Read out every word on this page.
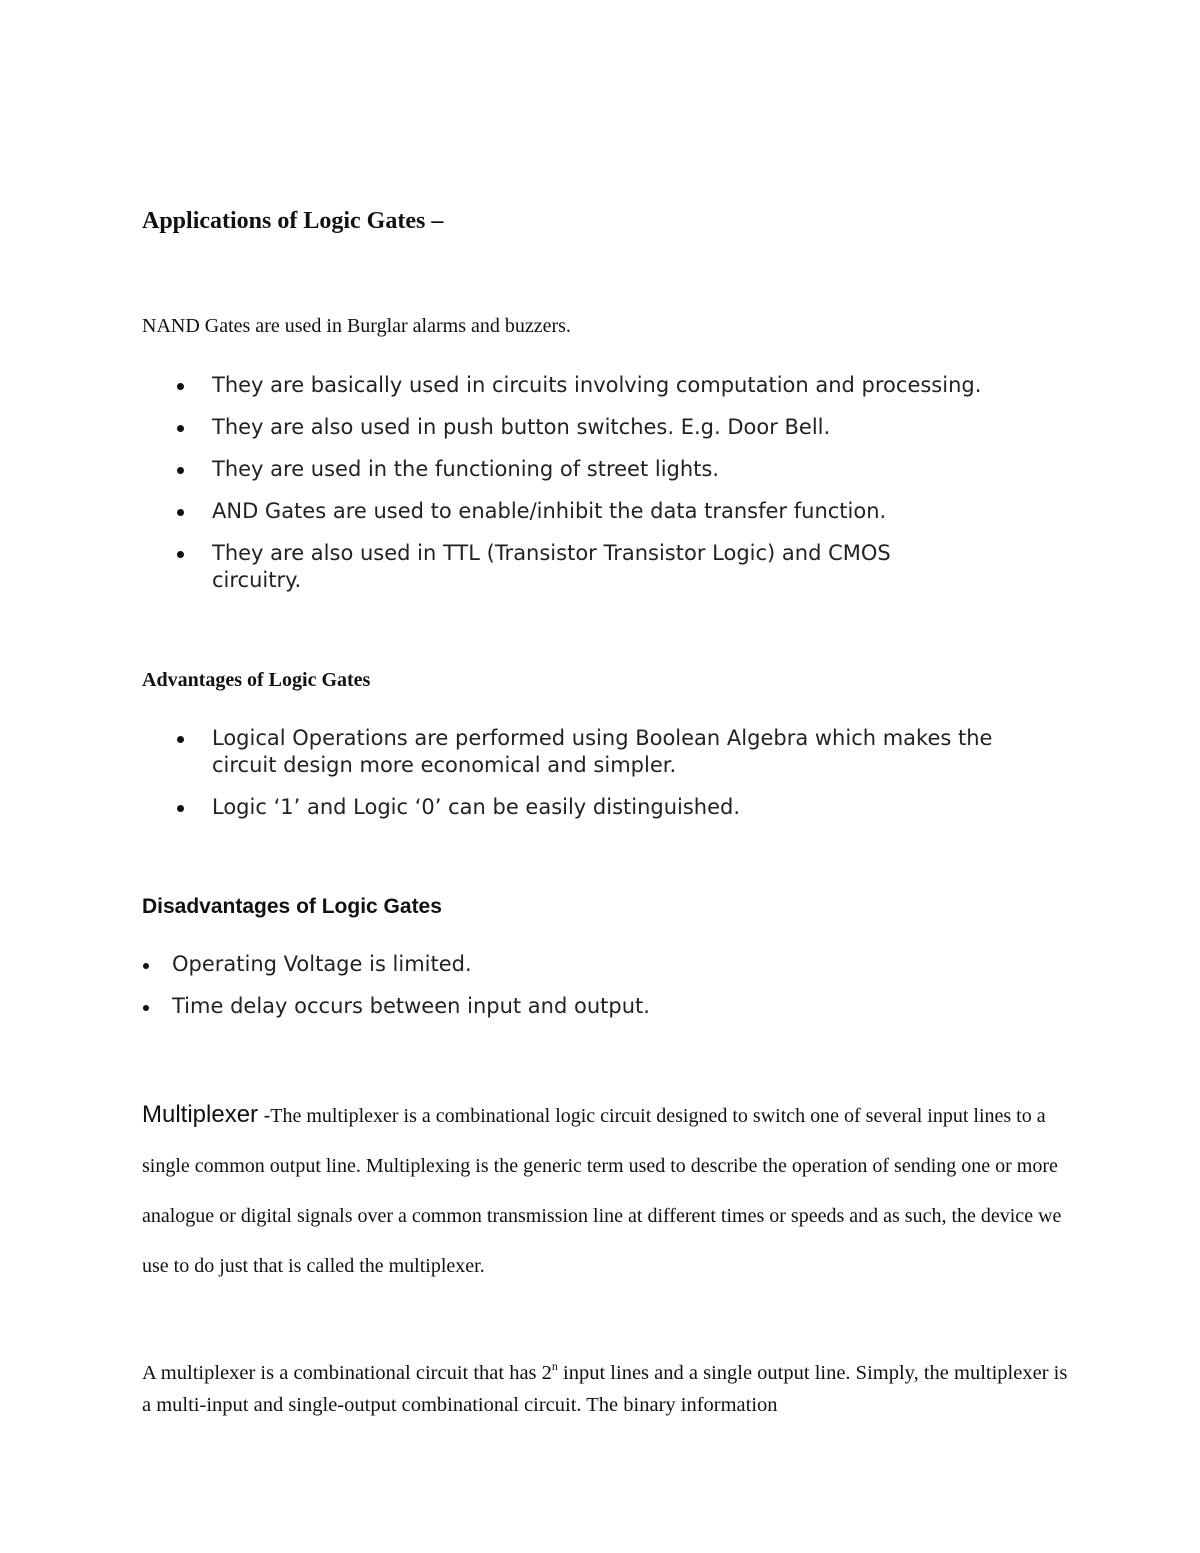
Applications of Logic Gates –
NAND Gates are used in Burglar alarms and buzzers.
They are basically used in circuits involving computation and processing.
They are also used in push button switches. E.g. Door Bell.
They are used in the functioning of street lights.
AND Gates are used to enable/inhibit the data transfer function.
They are also used in TTL (Transistor Transistor Logic) and CMOS circuitry.
Advantages of Logic Gates
Logical Operations are performed using Boolean Algebra which makes the circuit design more economical and simpler.
Logic ‘1’ and Logic ‘0’ can be easily distinguished.
Disadvantages of Logic Gates
Operating Voltage is limited.
Time delay occurs between input and output.
Multiplexer -The multiplexer is a combinational logic circuit designed to switch one of several input lines to a single common output line. Multiplexing is the generic term used to describe the operation of sending one or more analogue or digital signals over a common transmission line at different times or speeds and as such, the device we use to do just that is called the multiplexer.
A multiplexer is a combinational circuit that has 2$^n$ input lines and a single output line. Simply, the multiplexer is a multi-input and single-output combinational circuit. The binary information
